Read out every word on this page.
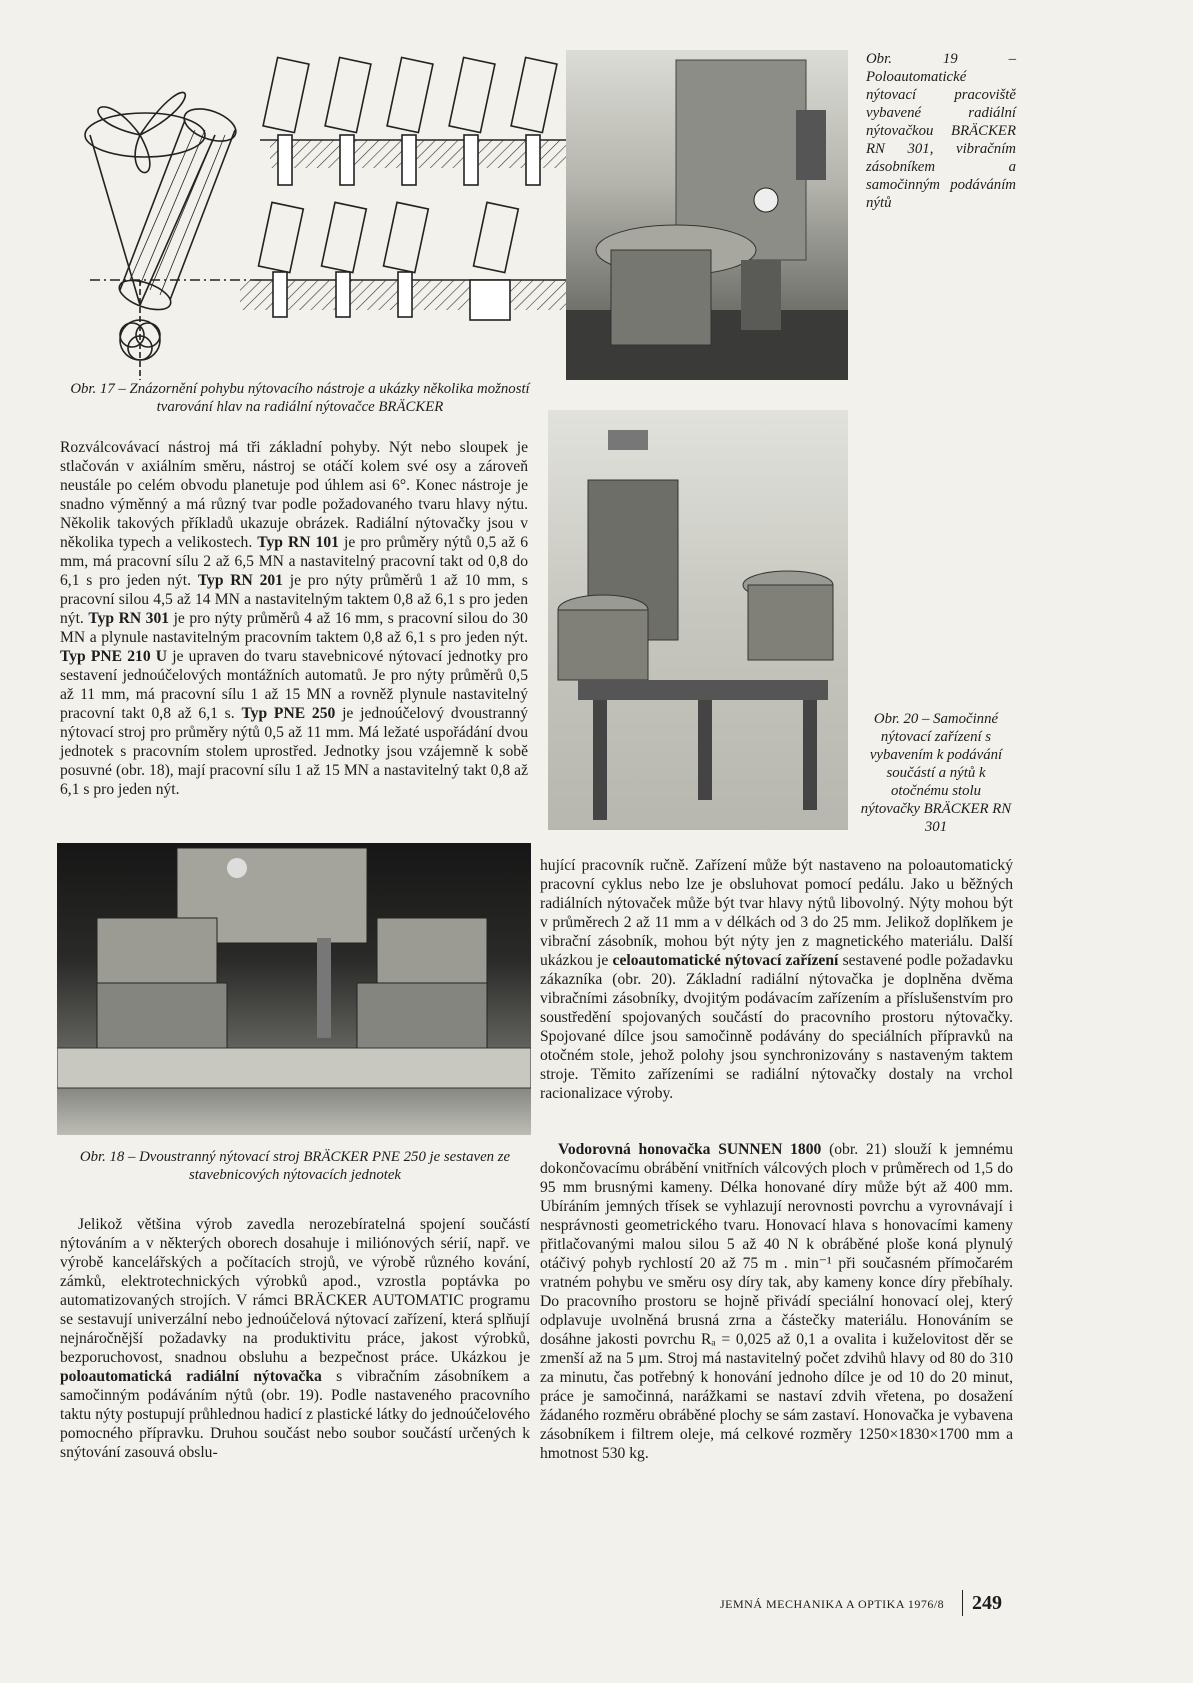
Obr. 19 – Poloautomatické nýtovací pracoviště vybavené radiální nýtovačkou BRÄCKER RN 301, vibračním zásobníkem a samočinným podáváním nýtů
Obr. 17 – Znázornění pohybu nýtovacího nástroje a ukázky několika možností tvarování hlav na radiální nýtovačce BRÄCKER

Rozválcovávací nástroj má tři základní pohyby. Nýt nebo sloupek je stlačován v axiálním směru, nástroj se otáčí kolem své osy a zároveň neustále po celém obvodu planetuje pod úhlem asi 6°. Konec nástroje je snadno výměnný a má různý tvar podle požadovaného tvaru hlavy nýtu. Několik takových příkladů ukazuje obrázek. Radiální nýtovačky jsou v několika typech a velikostech. Typ RN 101 je pro průměry nýtů 0,5 až 6 mm, má pracovní sílu 2 až 6,5 MN a nastavitelný pracovní takt od 0,8 do 6,1 s pro jeden nýt. Typ RN 201 je pro nýty průměrů 1 až 10 mm, s pracovní silou 4,5 až 14 MN a nastavitelným taktem 0,8 až 6,1 s pro jeden nýt. Typ RN 301 je pro nýty průměrů 4 až 16 mm, s pracovní silou do 30 MN a plynule nastavitelným pracovním taktem 0,8 až 6,1 s pro jeden nýt. Typ PNE 210 U je upraven do tvaru stavebnicové nýtovací jednotky pro sestavení jednoúčelových montážních automatů. Je pro nýty průměrů 0,5 až 11 mm, má pracovní sílu 1 až 15 MN a rovněž plynule nastavitelný pracovní takt 0,8 až 6,1 s. Typ PNE 250 je jednoúčelový dvoustranný nýtovací stroj pro průměry nýtů 0,5 až 11 mm. Má ležaté uspořádání dvou jednotek s pracovním stolem uprostřed. Jednotky jsou vzájemně k sobě posuvné (obr. 18), mají pracovní sílu 1 až 15 MN a nastavitelný takt 0,8 až 6,1 s pro jeden nýt.

Obr. 20 – Samočinné nýtovací zařízení s vybavením k podávání součástí a nýtů k otočnému stolu nýtovačky BRÄCKER RN 301
Obr. 18 – Dvoustranný nýtovací stroj BRÄCKER PNE 250 je sestaven ze stavebnicových nýtovacích jednotek

Jelikož většina výrob zavedla nerozebíratelná spojení součástí nýtováním a v některých oborech dosahuje i miliónových sérií, např. ve výrobě kancelářských a počítacích strojů, ve výrobě různého kování, zámků, elektrotechnických výrobků apod., vzrostla poptávka po automatizovaných strojích. V rámci BRÄCKER AUTOMATIC programu se sestavují univerzální nebo jednoúčelová nýtovací zařízení, která splňují nejnáročnější požadavky na produktivitu práce, jakost výrobků, bezporuchovost, snadnou obsluhu a bezpečnost práce. Ukázkou je poloautomatická radiální nýtovačka s vibračním zásobníkem a samočinným podáváním nýtů (obr. 19). Podle nastaveného pracovního taktu nýty postupují průhlednou hadicí z plastické látky do jednoúčelového pomocného přípravku. Druhou součást nebo soubor součástí určených k snýtování zasouvá obslu-

hující pracovník ručně. Zařízení může být nastaveno na poloautomatický pracovní cyklus nebo lze je obsluhovat pomocí pedálu. Jako u běžných radiálních nýtovaček může být tvar hlavy nýtů libovolný. Nýty mohou být v průměrech 2 až 11 mm a v délkách od 3 do 25 mm. Jelikož doplňkem je vibrační zásobník, mohou být nýty jen z magnetického materiálu. Další ukázkou je celoautomatické nýtovací zařízení sestavené podle požadavku zákazníka (obr. 20). Základní radiální nýtovačka je doplněna dvěma vibračními zásobníky, dvojitým podávacím zařízením a příslušenstvím pro soustředění spojovaných součástí do pracovního prostoru nýtovačky. Spojované dílce jsou samočinně podávány do speciálních přípravků na otočném stole, jehož polohy jsou synchronizovány s nastaveným taktem stroje. Těmito zařízeními se radiální nýtovačky dostaly na vrchol racionalizace výroby.

Vodorovná honovačka SUNNEN 1800 (obr. 21) slouží k jemnému dokončovacímu obrábění vnitřních válcových ploch v průměrech od 1,5 do 95 mm brusnými kameny. Délka honované díry může být až 400 mm. Ubíráním jemných třísek se vyhlazují nerovnosti povrchu a vyrovnávají i nesprávnosti geometrického tvaru. Honovací hlava s honovacími kameny přitlačovanými malou silou 5 až 40 N k obráběné ploše koná plynulý otáčivý pohyb rychlostí 20 až 75 m . min⁻¹ při současném přímočarém vratném pohybu ve směru osy díry tak, aby kameny konce díry přebíhaly. Do pracovního prostoru se hojně přivádí speciální honovací olej, který odplavuje uvolněná brusná zrna a částečky materiálu. Honováním se dosáhne jakosti povrchu Rₐ = 0,025 až 0,1 a ovalita i kuželovitost děr se zmenší až na 5 µm. Stroj má nastavitelný počet zdvihů hlavy od 80 do 310 za minutu, čas potřebný k honování jednoho dílce je od 10 do 20 minut, práce je samočinná, narážkami se nastaví zdvih vřetena, po dosažení žádaného rozměru obráběné plochy se sám zastaví. Honovačka je vybavena zásobníkem i filtrem oleje, má celkové rozměry 1250×1830×1700 mm a hmotnost 530 kg.

JEMNÁ MECHANIKA A OPTIKA 1976/8 249
